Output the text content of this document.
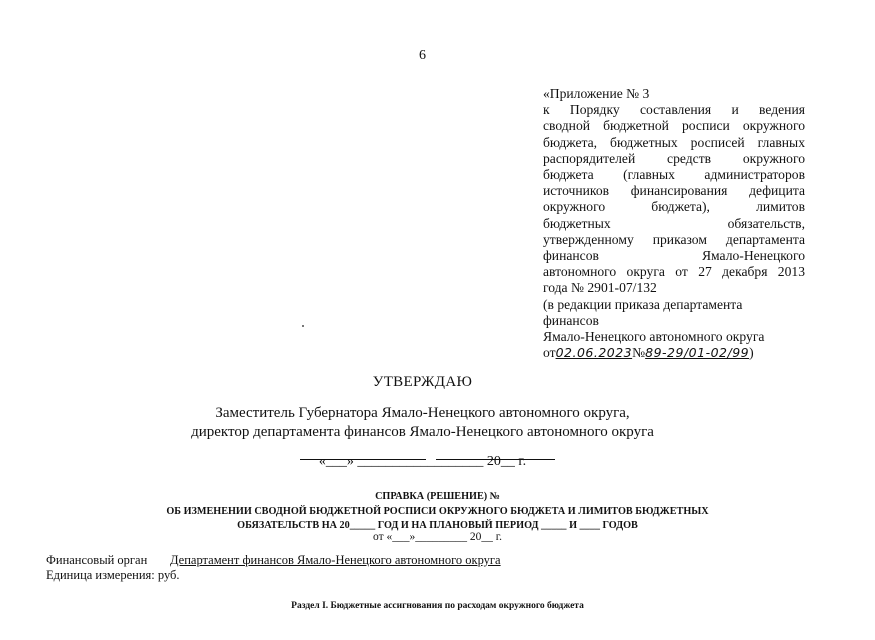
6
«Приложение № 3
к Порядку составления и ведения
сводной бюджетной росписи окружного
бюджета, бюджетных росписей главных
распорядителей средств окружного
бюджета (главных администраторов
источников финансирования дефицита
окружного бюджета), лимитов
бюджетных обязательств,
утвержденному приказом департамента
финансов Ямало-Ненецкого
автономного округа от 27 декабря 2013
года № 2901-07/132
(в редакции приказа департамента
финансов
Ямало-Ненецкого автономного округа
от02.06.2023№89-29/01-02/99)
УТВЕРЖДАЮ
Заместитель Губернатора Ямало-Ненецкого автономного округа,
директор департамента финансов Ямало-Ненецкого автономного округа
«___» __________________ 20__ г.
СПРАВКА (РЕШЕНИЕ) №
ОБ ИЗМЕНЕНИИ СВОДНОЙ БЮДЖЕТНОЙ РОСПИСИ ОКРУЖНОГО БЮДЖЕТА И ЛИМИТОВ БЮДЖЕТНЫХ
ОБЯЗАТЕЛЬСТВ НА 20_____ ГОД И НА ПЛАНОВЫЙ ПЕРИОД _____ И ____ ГОДОВ
от «___»_________ 20__ г.
Финансовый орган Департамент финансов Ямало-Ненецкого автономного округа
Единица измерения: руб.
Раздел I. Бюджетные ассигнования по расходам окружного бюджета
